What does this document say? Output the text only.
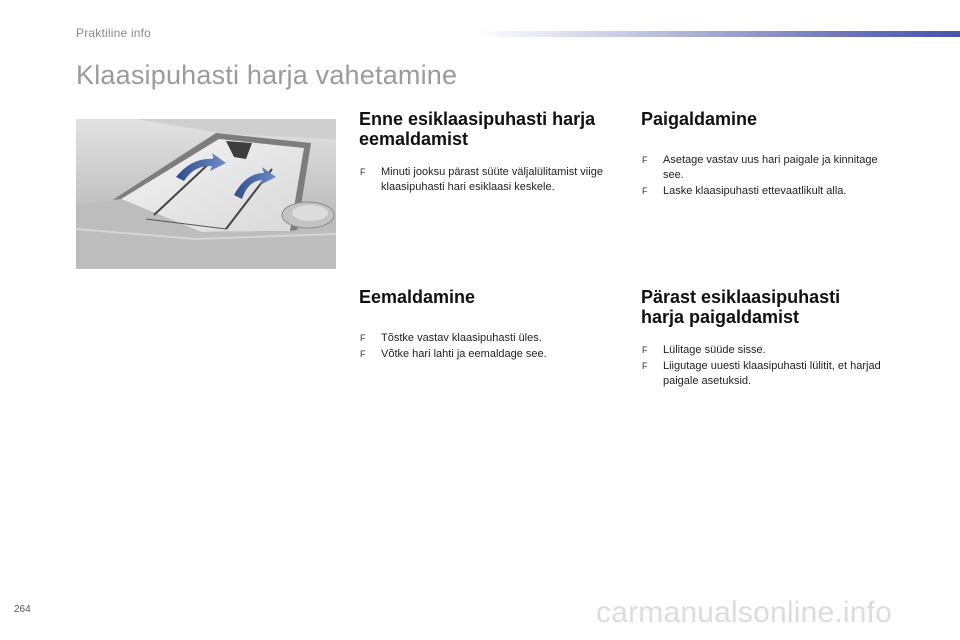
Praktiline info
Klaasipuhasti harja vahetamine
Enne esiklaasipuhasti harja
eemaldamist
F Minuti jooksu pärast süüte väljalülitamist viige klaasipuhasti hari esiklaasi keskele.
Paigaldamine
F Asetage vastav uus hari paigale ja kinnitage see.
F Laske klaasipuhasti ettevaatlikult alla.
Eemaldamine
F Tõstke vastav klaasipuhasti üles.
F Võtke hari lahti ja eemaldage see.
Pärast esiklaasipuhasti
harja paigaldamist
F Lülitage süüde sisse.
F Liigutage uuesti klaasipuhasti lülitit, et harjad paigale asetuksid.
264	carmanualsonline.info
